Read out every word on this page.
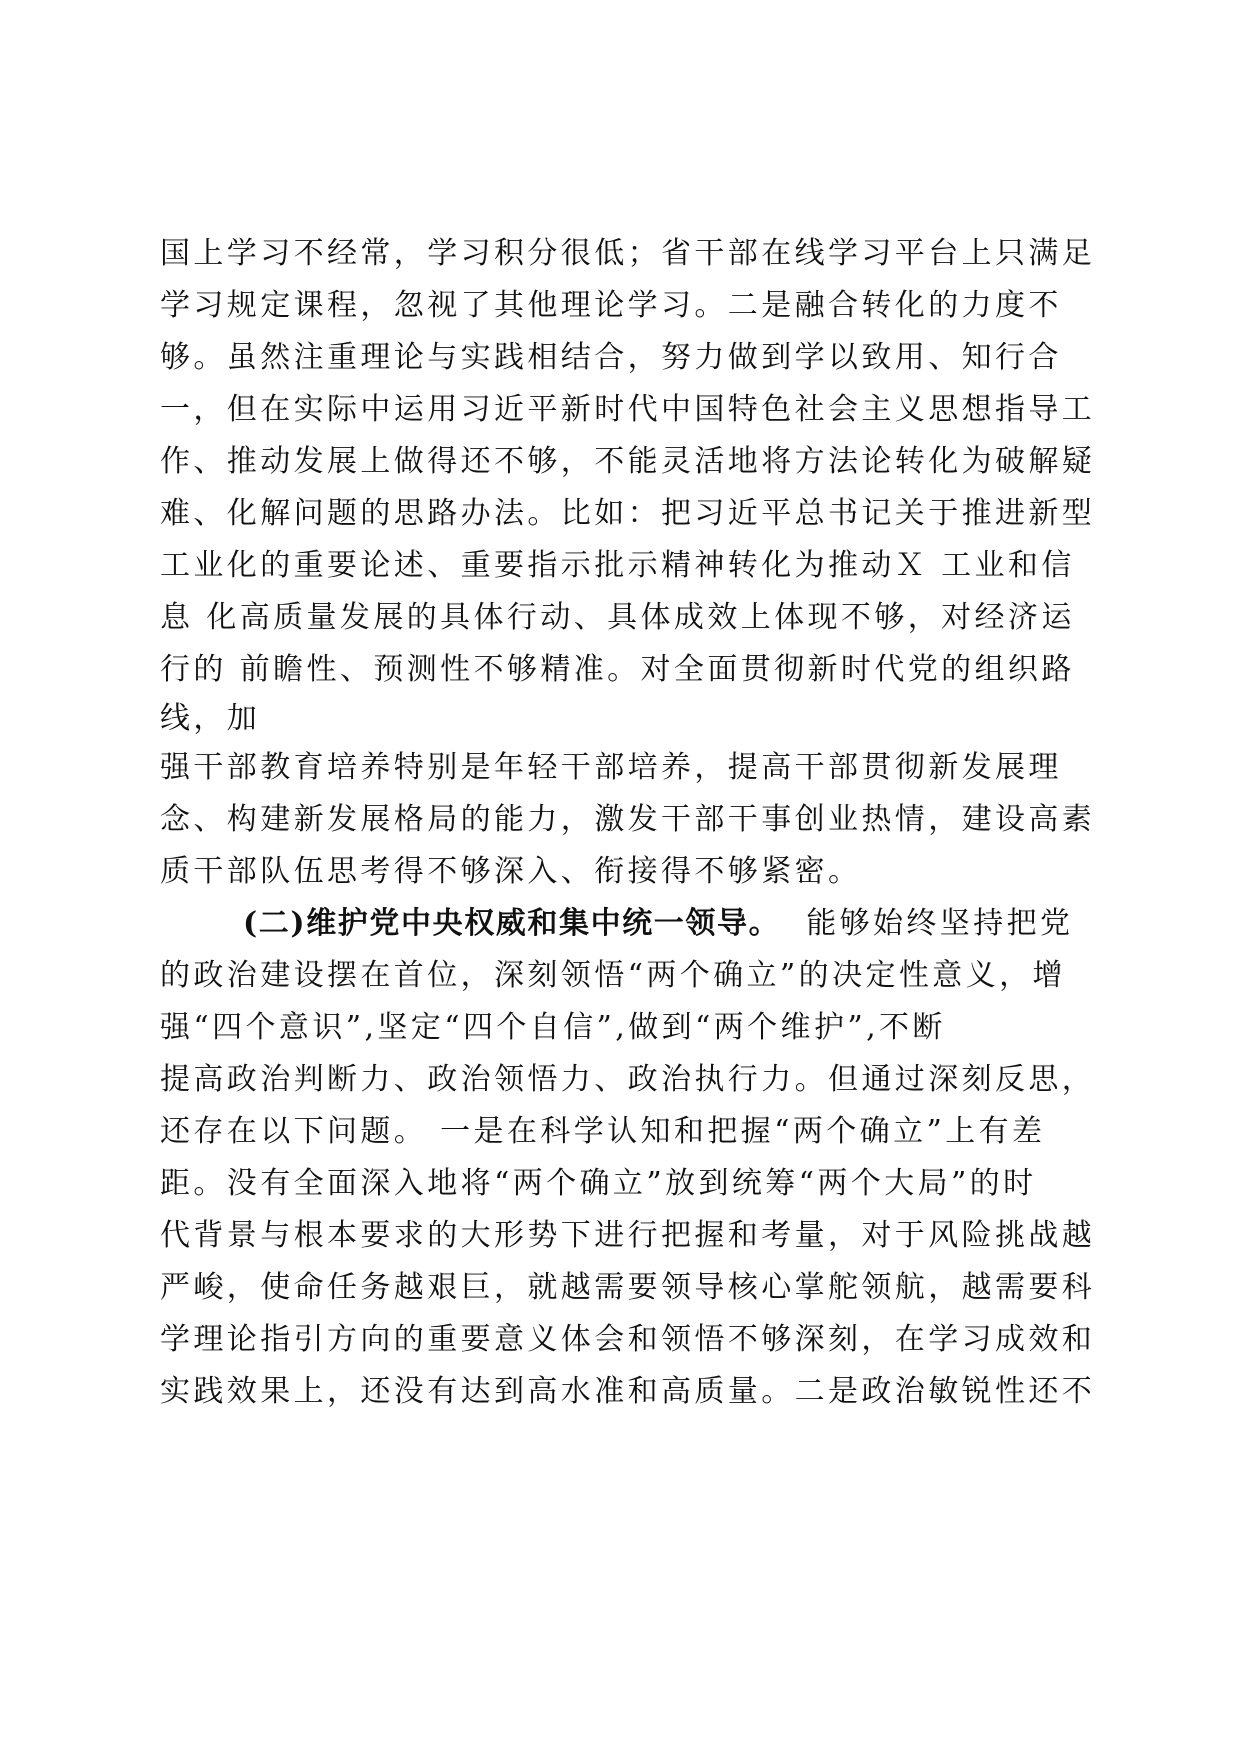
国上学习不经常，学习积分很低；省干部在线学习平台上只满足
学习规定课程，忽视了其他理论学习。二是融合转化的力度不
够。虽然注重理论与实践相结合，努力做到学以致用、知行合
一，但在实际中运用习近平新时代中国特色社会主义思想指导工
作、推动发展上做得还不够，不能灵活地将方法论转化为破解疑
难、化解问题的思路办法。比如：把习近平总书记关于推进新型
工业化的重要论述、重要指示批示精神转化为推动Ｘ 工业和信
息 化高质量发展的具体行动、具体成效上体现不够，对经济运
行的 前瞻性、预测性不够精准。对全面贯彻新时代党的组织路
线，加
强干部教育培养特别是年轻干部培养，提高干部贯彻新发展理
念、构建新发展格局的能力，激发干部干事创业热情，建设高素
质干部队伍思考得不够深入、衔接得不够紧密。
(二)维护党中央权威和集中统一领导。 能够始终坚持把党
的政治建设摆在首位，深刻领悟“两个确立”的决定性意义，增
强“四个意识”,坚定“四个自信”,做到“两个维护”,不断
提高政治判断力、政治领悟力、政治执行力。但通过深刻反思，
还存在以下问题。 一是在科学认知和把握“两个确立”上有差
距。没有全面深入地将“两个确立”放到统筹“两个大局”的时
代背景与根本要求的大形势下进行把握和考量，对于风险挑战越
严峻，使命任务越艰巨，就越需要领导核心掌舵领航，越需要科
学理论指引方向的重要意义体会和领悟不够深刻，在学习成效和
实践效果上，还没有达到高水准和高质量。二是政治敏锐性还不
